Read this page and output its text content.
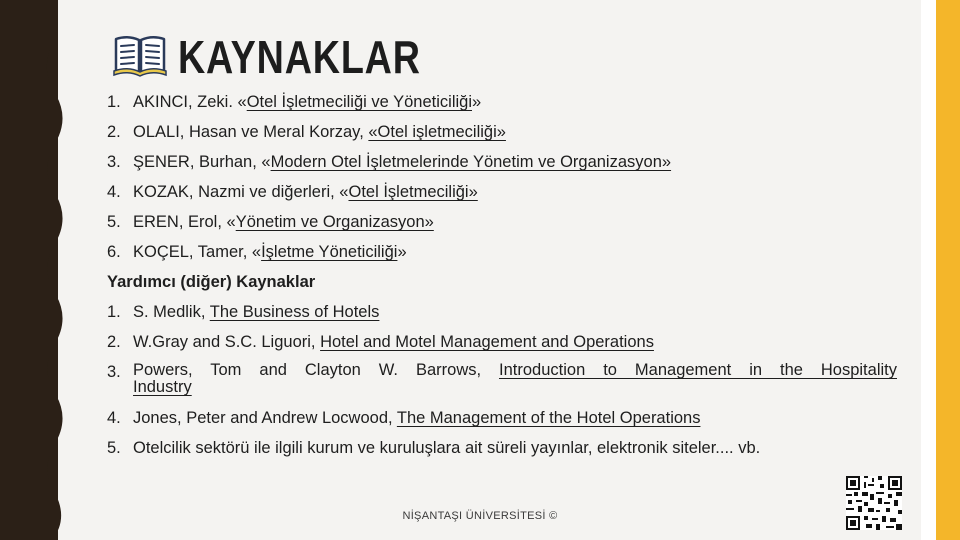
KAYNAKLAR
1. AKINCI, Zeki. «Otel İşletmeciliği ve Yöneticiliği»
2. OLALI, Hasan ve Meral Korzay, «Otel işletmeciliği»
3. ŞENER, Burhan, «Modern Otel İşletmelerinde Yönetim ve Organizasyon»
4. KOZAK, Nazmi ve diğerleri, «Otel İşletmeciliği»
5. EREN, Erol, «Yönetim ve Organizasyon»
6. KOÇEL, Tamer, «İşletme Yöneticiliği»
Yardımcı (diğer) Kaynaklar
1. S. Medlik, The Business of Hotels
2. W.Gray and S.C. Liguori, Hotel and Motel Management and Operations
3. Powers, Tom and Clayton W. Barrows, Introduction to Management in the Hospitality
Industry
4. Jones, Peter and Andrew Locwood, The Management of the Hotel Operations
5. Otelcilik sektörü ile ilgili kurum ve kuruluşlara ait süreli yayınlar, elektronik siteler.... vb.
NİŞANTAŞI ÜNİVERSİTESİ ©
